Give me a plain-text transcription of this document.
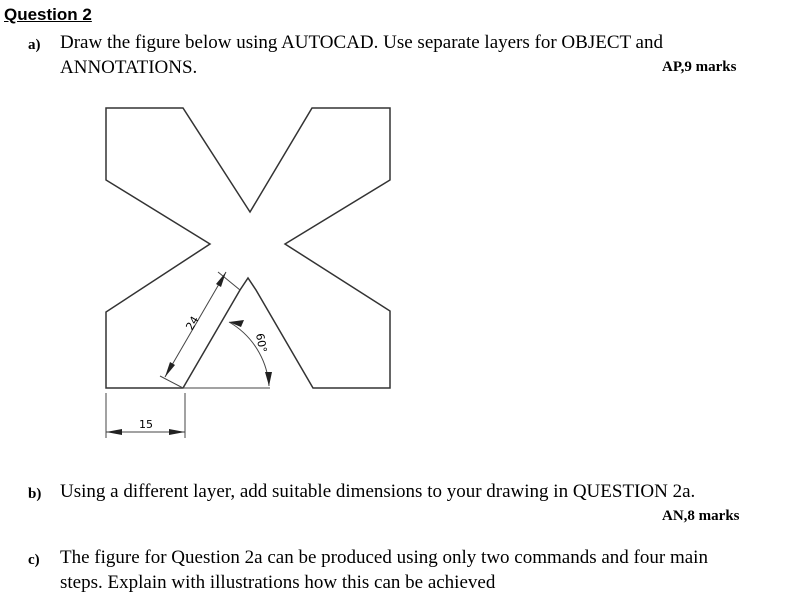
Question 2
a) Draw the figure below using AUTOCAD. Use separate layers for OBJECT and

ANNOTATIONS.	AP,9 marks
15
24
60°
b) Using a different layer, add suitable dimensions to your drawing in QUESTION 2a.

AN,8 marks
c) The figure for Question 2a can be produced using only two commands and four main

steps. Explain with illustrations how this can be achieved
